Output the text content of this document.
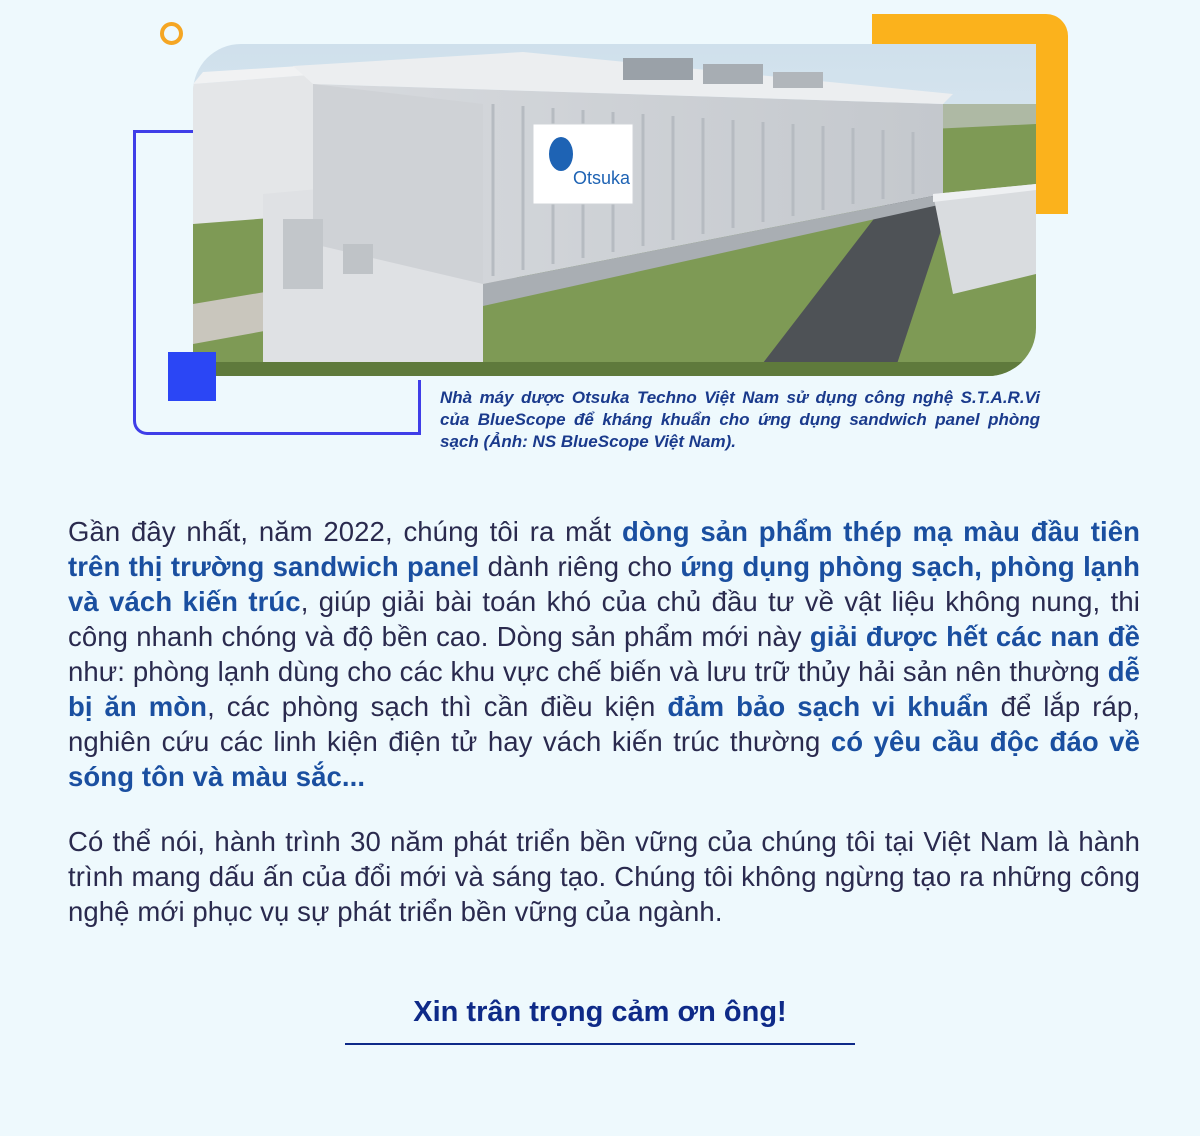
Otsuka
Nhà máy dược Otsuka Techno Việt Nam sử dụng công nghệ S.T.A.R.Vi của BlueScope để kháng khuẩn cho ứng dụng sandwich panel phòng sạch (Ảnh: NS BlueScope Việt Nam).
Gần đây nhất, năm 2022, chúng tôi ra mắt dòng sản phẩm thép mạ màu đầu tiên trên thị trường sandwich panel dành riêng cho ứng dụng phòng sạch, phòng lạnh và vách kiến trúc, giúp giải bài toán khó của chủ đầu tư về vật liệu không nung, thi công nhanh chóng và độ bền cao. Dòng sản phẩm mới này giải được hết các nan đề như: phòng lạnh dùng cho các khu vực chế biến và lưu trữ thủy hải sản nên thường dễ bị ăn mòn, các phòng sạch thì cần điều kiện đảm bảo sạch vi khuẩn để lắp ráp, nghiên cứu các linh kiện điện tử hay vách kiến trúc thường có yêu cầu độc đáo về sóng tôn và màu sắc...
Có thể nói, hành trình 30 năm phát triển bền vững của chúng tôi tại Việt Nam là hành trình mang dấu ấn của đổi mới và sáng tạo. Chúng tôi không ngừng tạo ra những công nghệ mới phục vụ sự phát triển bền vững của ngành.
Xin trân trọng cảm ơn ông!
